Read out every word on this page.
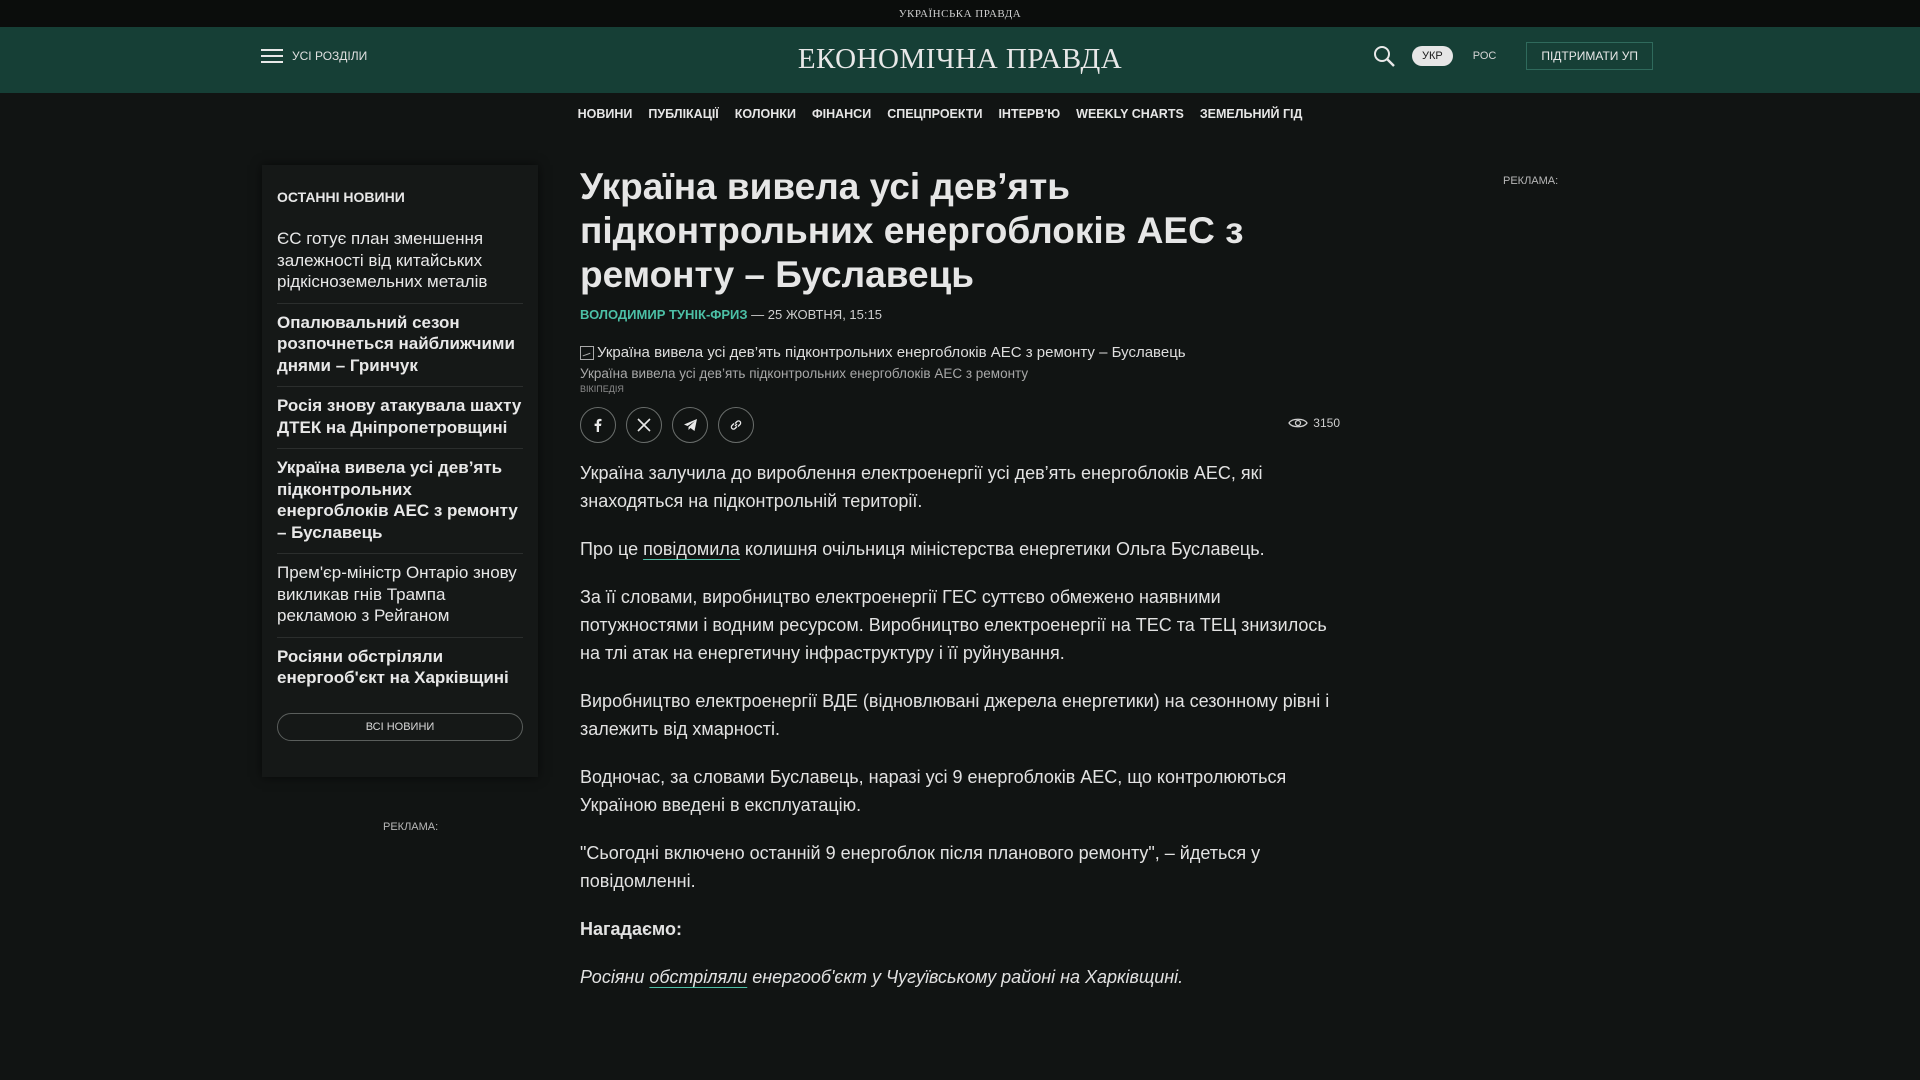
УКРАЇНСЬКА ПРАВДА
УСІ РОЗДІЛИ	ЕКОНОМІЧНА ПРАВДА	УКР	РОС	ПІДТРИМАТИ УП
НОВИНИ ПУБЛІКАЦІЇ КОЛОНКИ ФІНАНСИ СПЕЦПРОЕКТИ ІНТЕРВ'Ю WEEKLY CHARTS ЗЕМЕЛЬНИЙ ГІД
ОСТАННІ НОВИНИ
ЄС готує план зменшення залежності від китайських рідкісноземельних металів
Опалювальний сезон розпочнеться найближчими днями – Гринчук
Росія знову атакувала шахту ДТЕК на Дніпропетровщині
Україна вивела усі дев’ять підконтрольних енергоблоків АЕС з ремонту – Буславець
Прем'єр-міністр Онтаріо знову викликав гнів Трампа рекламою з Рейганом
Росіяни обстріляли енергооб'єкт на Харківщині
ВСІ НОВИНИ
РЕКЛАМА:
РЕКЛАМА:
Україна вивела усі дев’ять підконтрольних енергоблоків АЕС з ремонту – Буславець
ВОЛОДИМИР ТУНІК-ФРИЗ — 25 ЖОВТНЯ, 15:15
Україна вивела усі дев’ять підконтрольних енергоблоків АЕС з ремонту – Буславець
Україна вивела усі дев’ять підконтрольних енергоблоків АЕС з ремонту
ВІКІПЕДІЯ
3150

Україна залучила до вироблення електроенергії усі дев’ять енергоблоків АЕС, які знаходяться на підконтрольній території.

Про це повідомила колишня очільниця міністерства енергетики Ольга Буславець.

За її словами, виробництво електроенергії ГЕС суттєво обмежено наявними потужностями і водним ресурсом. Виробництво електроенергії на ТЕС та ТЕЦ знизилось на тлі атак на енергетичну інфраструктуру і її руйнування.

Виробництво електроенергії ВДЕ (відновлювані джерела енергетики) на сезонному рівні і залежить від хмарності.

Водночас, за словами Буславець, наразі усі 9 енергоблоків АЕС, що контролюються Україною введені в експлуатацію.

"Сьогодні включено останній 9 енергоблок після планового ремонту", – йдеться у повідомленні.

Нагадаємо:

Росіяни обстріляли енергооб'єкт у Чугуївському районі на Харківщині.
